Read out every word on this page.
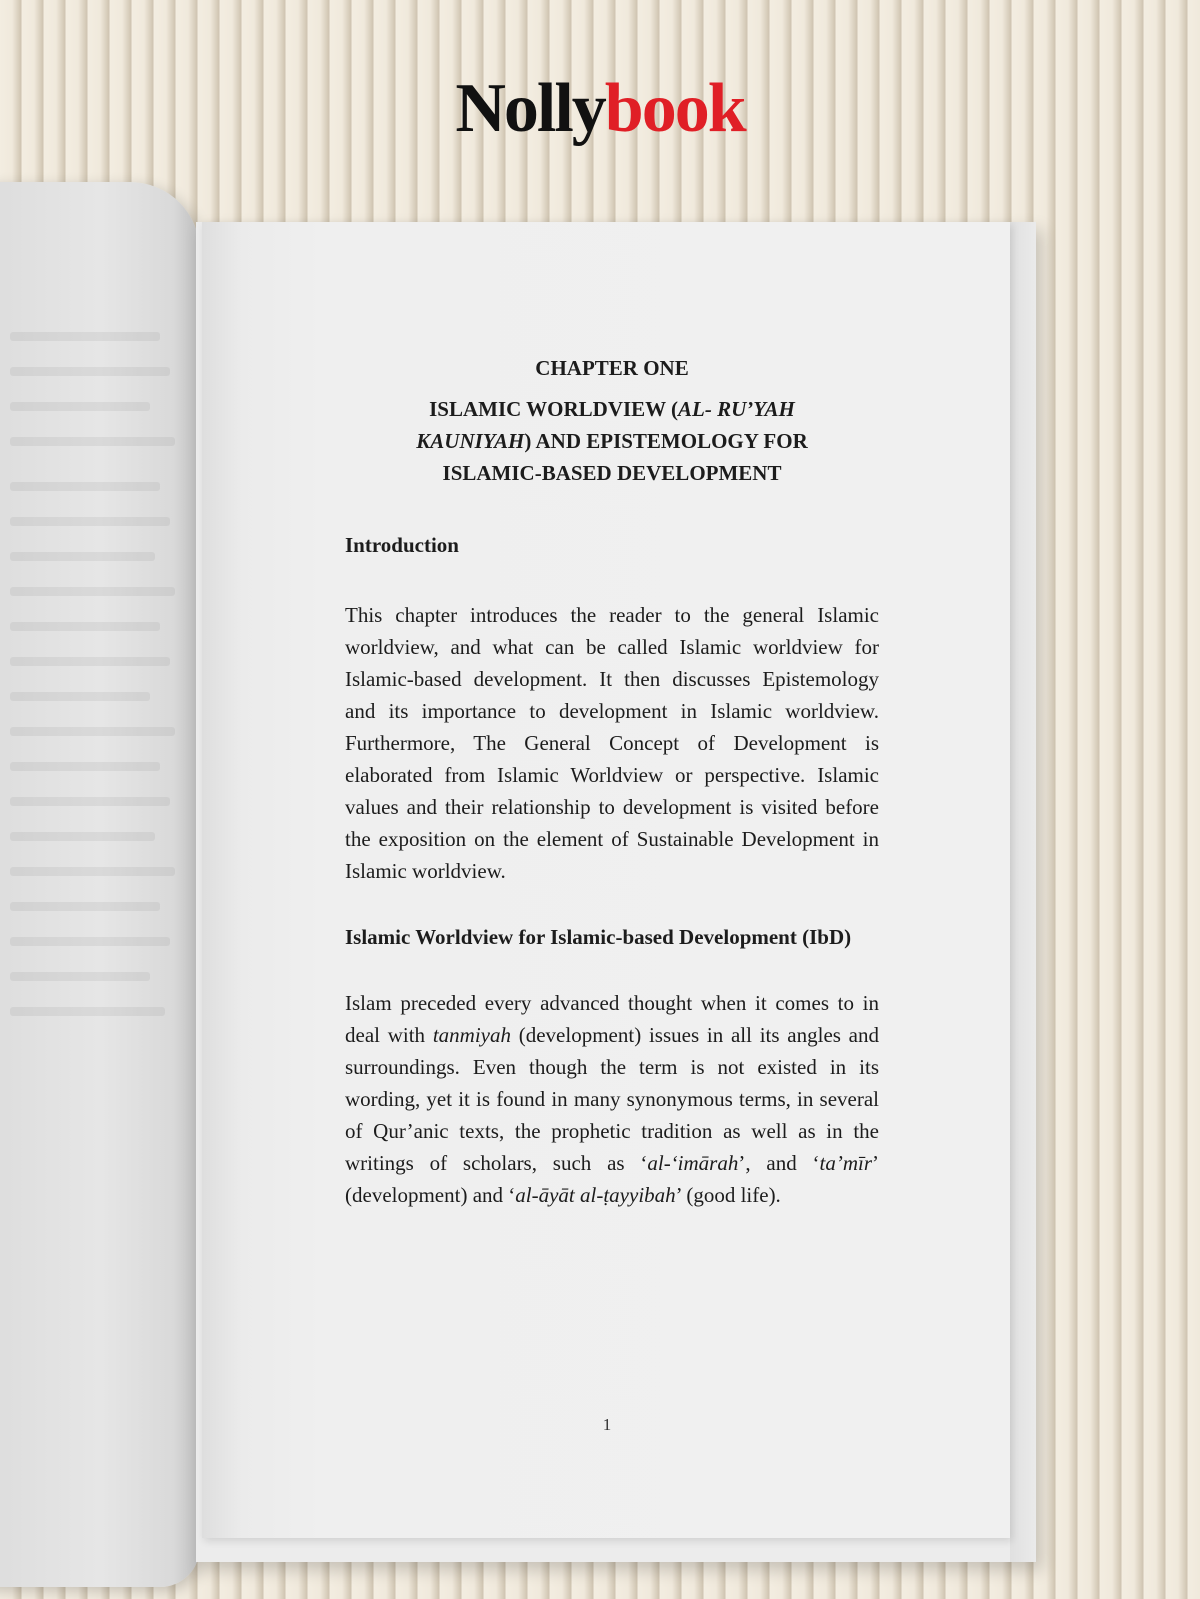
Nollybook

CHAPTER ONE

ISLAMIC WORLDVIEW (AL- RU’YAH
KAUNIYAH) AND EPISTEMOLOGY FOR
ISLAMIC-BASED DEVELOPMENT

Introduction

This chapter introduces the reader to the general Islamic worldview, and what can be called Islamic worldview for Islamic-based development. It then discusses Epistemology and its importance to development in Islamic worldview. Furthermore, The General Concept of Development is elaborated from Islamic Worldview or perspective. Islamic values and their relationship to development is visited before the exposition on the element of Sustainable Development in Islamic worldview.

Islamic Worldview for Islamic-based Development (IbD)

Islam preceded every advanced thought when it comes to in deal with tanmiyah (development) issues in all its angles and surroundings. Even though the term is not existed in its wording, yet it is found in many synonymous terms, in several of Qur’anic texts, the prophetic tradition as well as in the writings of scholars, such as ‘al-‘imārah’, and ‘ta’mīr’ (development) and ‘al-āyāt al-ṭayyibah’ (good life).

1
